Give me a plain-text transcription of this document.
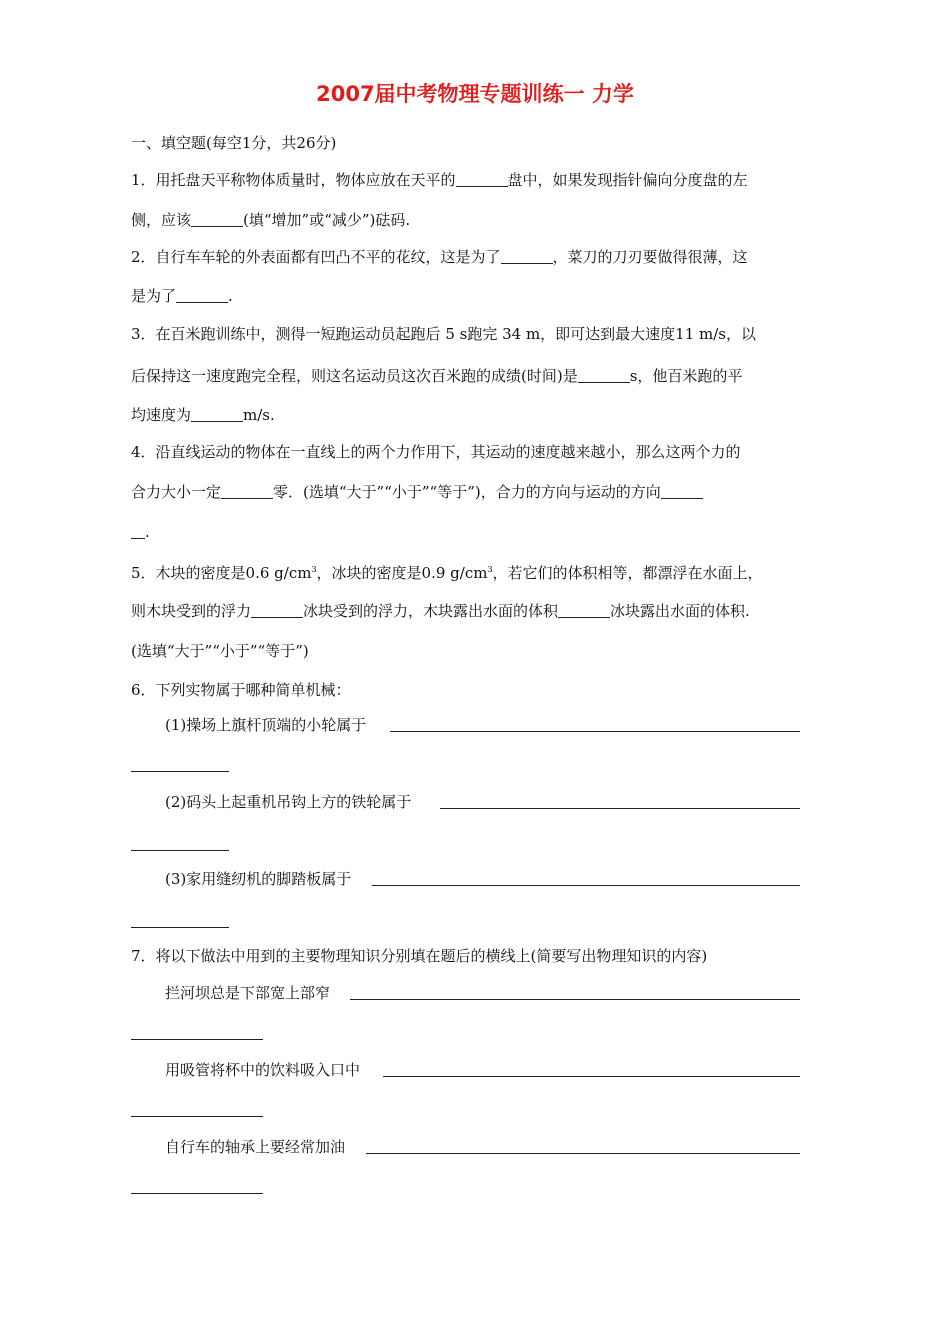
2007届中考物理专题训练一 力学
一、填空题(每空1分，共26分)
1．用托盘天平称物体质量时，物体应放在天平的	盘中，如果发现指针偏向分度盘的左
侧，应该	(填“增加”或“减少”)砝码.
2．自行车车轮的外表面都有凹凸不平的花纹，这是为了	，菜刀的刀刃要做得很薄，这
是为了	.
3．在百米跑训练中，测得一短跑运动员起跑后 5 s跑完 34 m，即可达到最大速度11 m/s，以
后保持这一速度跑完全程，则这名运动员这次百米跑的成绩(时间)是	s，他百米跑的平
均速度为	m/s.
4．沿直线运动的物体在一直线上的两个力作用下，其运动的速度越来越小，那么这两个力的
合力大小一定	零．(选填“大于”“小于”“等于”)，合力的方向与运动的方向
.
5．木块的密度是0.6 $g/cm^3$，冰块的密度是0.9 $g/cm^3$，若它们的体积相等，都漂浮在水面上，
则木块受到的浮力	冰块受到的浮力，木块露出水面的体积	冰块露出水面的体积.
(选填“大于”“小于”“等于”)
6．下列实物属于哪种简单机械：
(1)操场上旗杆顶端的小轮属于
(2)码头上起重机吊钩上方的铁轮属于
(3)家用缝纫机的脚踏板属于
7．将以下做法中用到的主要物理知识分别填在题后的横线上(简要写出物理知识的内容)
拦河坝总是下部宽上部窄
用吸管将杯中的饮料吸入口中
自行车的轴承上要经常加油
